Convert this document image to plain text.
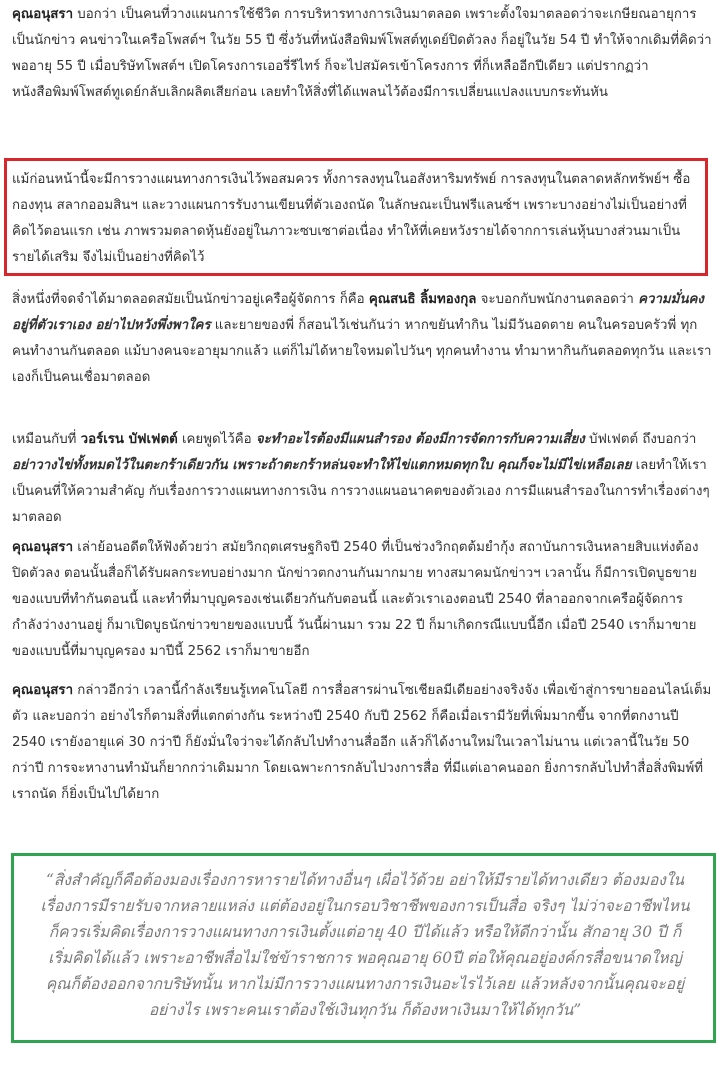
คุณอนุสรา บอกว่า เป็นคนที่วางแผนการใช้ชีวิต การบริหารทางการเงินมาตลอด เพราะตั้งใจมาตลอดว่าจะเกษียณอายุการเป็นนักข่าว คนข่าวในเครือโพสต์ฯ ในวัย 55 ปี ซึ่งวันที่หนังสือพิมพ์โพสต์ทูเดย์ปิดตัวลง ก็อยู่ในวัย 54 ปี ทำให้จากเดิมที่คิดว่า พออายุ 55 ปี เมื่อบริษัทโพสต์ฯ เปิดโครงการเออรี่รีไทร์ ก็จะไปสมัครเข้าโครงการ ที่ก็เหลืออีกปีเดียว แต่ปรากฏว่าหนังสือพิมพ์โพสต์ทูเดย์กลับเลิกผลิตเสียก่อน เลยทำให้สิ่งที่ได้แพลนไว้ต้องมีการเปลี่ยนแปลงแบบกระทันหัน
แม้ก่อนหน้านี้จะมีการวางแผนทางการเงินไว้พอสมควร ทั้งการลงทุนในอสังหาริมทรัพย์ การลงทุนในตลาดหลักทรัพย์ฯ ซื้อกองทุน สลากออมสินฯ และวางแผนการรับงานเขียนที่ตัวเองถนัด ในลักษณะเป็นฟรีแลนซ์ฯ เพราะบางอย่างไม่เป็นอย่างที่คิดไว้ตอนแรก เช่น ภาพรวมตลาดหุ้นยังอยู่ในภาวะซบเซาต่อเนื่อง ทำให้ที่เคยหวังรายได้จากการเล่นหุ้นบางส่วนมาเป็นรายได้เสริม จึงไม่เป็นอย่างที่คิดไว้
สิ่งหนึ่งที่จดจำได้มาตลอดสมัยเป็นนักข่าวอยู่เครือผู้จัดการ ก็คือ คุณสนธิ ลิ้มทองกุล จะบอกกับพนักงานตลอดว่า ความมั่นคงอยู่ที่ตัวเราเอง อย่าไปหวังพึ่งพาใคร และยายของพี่ ก็สอนไว้เช่นกันว่า หากขยันทำกิน ไม่มีวันอดตาย คนในครอบครัวพี่ ทุกคนทำงานกันตลอด แม้บางคนจะอายุมากแล้ว แต่ก็ไม่ได้หายใจหมดไปวันๆ ทุกคนทำงาน ทำมาหากินกันตลอดทุกวัน และเราเองก็เป็นคนเชื่อมาตลอด
เหมือนกับที่ วอร์เรน บัฟเฟตต์ เคยพูดไว้คือ จะทำอะไรต้องมีแผนสำรอง ต้องมีการจัดการกับความเสี่ยง บัฟเฟตต์ ถึงบอกว่า อย่าวางไข่ทั้งหมดไว้ในตะกร้าเดียวกัน เพราะถ้าตะกร้าหล่นจะทำให้ไข่แตกหมดทุกใบ คุณก็จะไม่มีไข่เหลือเลย เลยทำให้เราเป็นคนที่ให้ความสำคัญ กับเรื่องการวางแผนทางการเงิน การวางแผนอนาคตของตัวเอง การมีแผนสำรองในการทำเรื่องต่างๆ มาตลอด
คุณอนุสรา เล่าย้อนอดีตให้ฟังด้วยว่า สมัยวิกฤตเศรษฐกิจปี 2540 ที่เป็นช่วงวิกฤตต้มยำกุ้ง สถาบันการเงินหลายสิบแห่งต้องปิดตัวลง ตอนนั้นสื่อก็ได้รับผลกระทบอย่างมาก นักข่าวตกงานกันมากมาย ทางสมาคมนักข่าวฯ เวลานั้น ก็มีการเปิดบูธขายของแบบที่ทำกันตอนนี้ และทำที่มาบุญครองเช่นเดียวกันกับตอนนี้ และตัวเราเองตอนปี 2540 ที่ลาออกจากเครือผู้จัดการ กำลังว่างงานอยู่ ก็มาเปิดบูธนักข่าวขายของแบบนี้ วันนี้ผ่านมา รวม 22 ปี ก็มาเกิดกรณีแบบนี้อีก เมื่อปี 2540 เราก็มาขายของแบบนี้ที่มาบุญครอง มาปีนี้ 2562 เราก็มาขายอีก
คุณอนุสรา กล่าวอีกว่า เวลานี้กำลังเรียนรู้เทคโนโลยี การสื่อสารผ่านโซเชียลมีเดียอย่างจริงจัง เพื่อเข้าสู่การขายออนไลน์เต็มตัว และบอกว่า อย่างไรก็ตามสิ่งที่แตกต่างกัน ระหว่างปี 2540 กับปี 2562 ก็คือเมื่อเรามีวัยที่เพิ่มมากขึ้น จากที่ตกงานปี 2540 เรายังอายุแค่ 30 กว่าปี ก็ยังมั่นใจว่าจะได้กลับไปทำงานสื่ออีก แล้วก็ได้งานใหม่ในเวลาไม่นาน แต่เวลานี้ในวัย 50 กว่าปี การจะหางานทำมันก็ยากกว่าเดิมมาก โดยเฉพาะการกลับไปวงการสื่อ ที่มีแต่เอาคนออก ยิ่งการกลับไปทำสื่อสิ่งพิมพ์ที่เราถนัด ก็ยิ่งเป็นไปได้ยาก
“สิ่งสำคัญก็คือต้องมองเรื่องการหารายได้ทางอื่นๆ เผื่อไว้ด้วย อย่าให้มีรายได้ทางเดียว ต้องมองในเรื่องการมีรายรับจากหลายแหล่ง แต่ต้องอยู่ในกรอบวิชาชีพของการเป็นสื่อ จริงๆ ไม่ว่าจะอาชีพไหน ก็ควรเริ่มคิดเรื่องการวางแผนทางการเงินตั้งแต่อายุ 40 ปีได้แล้ว หรือให้ดีกว่านั้น สักอายุ 30 ปี ก็เริ่มคิดได้แล้ว เพราะอาชีพสื่อไม่ใช่ข้าราชการ พอคุณอายุ 60ปี ต่อให้คุณอยู่องค์กรสื่อขนาดใหญ่ คุณก็ต้องออกจากบริษัทนั้น หากไม่มีการวางแผนทางการเงินอะไรไว้เลย แล้วหลังจากนั้นคุณจะอยู่อย่างไร เพราะคนเราต้องใช้เงินทุกวัน ก็ต้องหาเงินมาให้ได้ทุกวัน”
